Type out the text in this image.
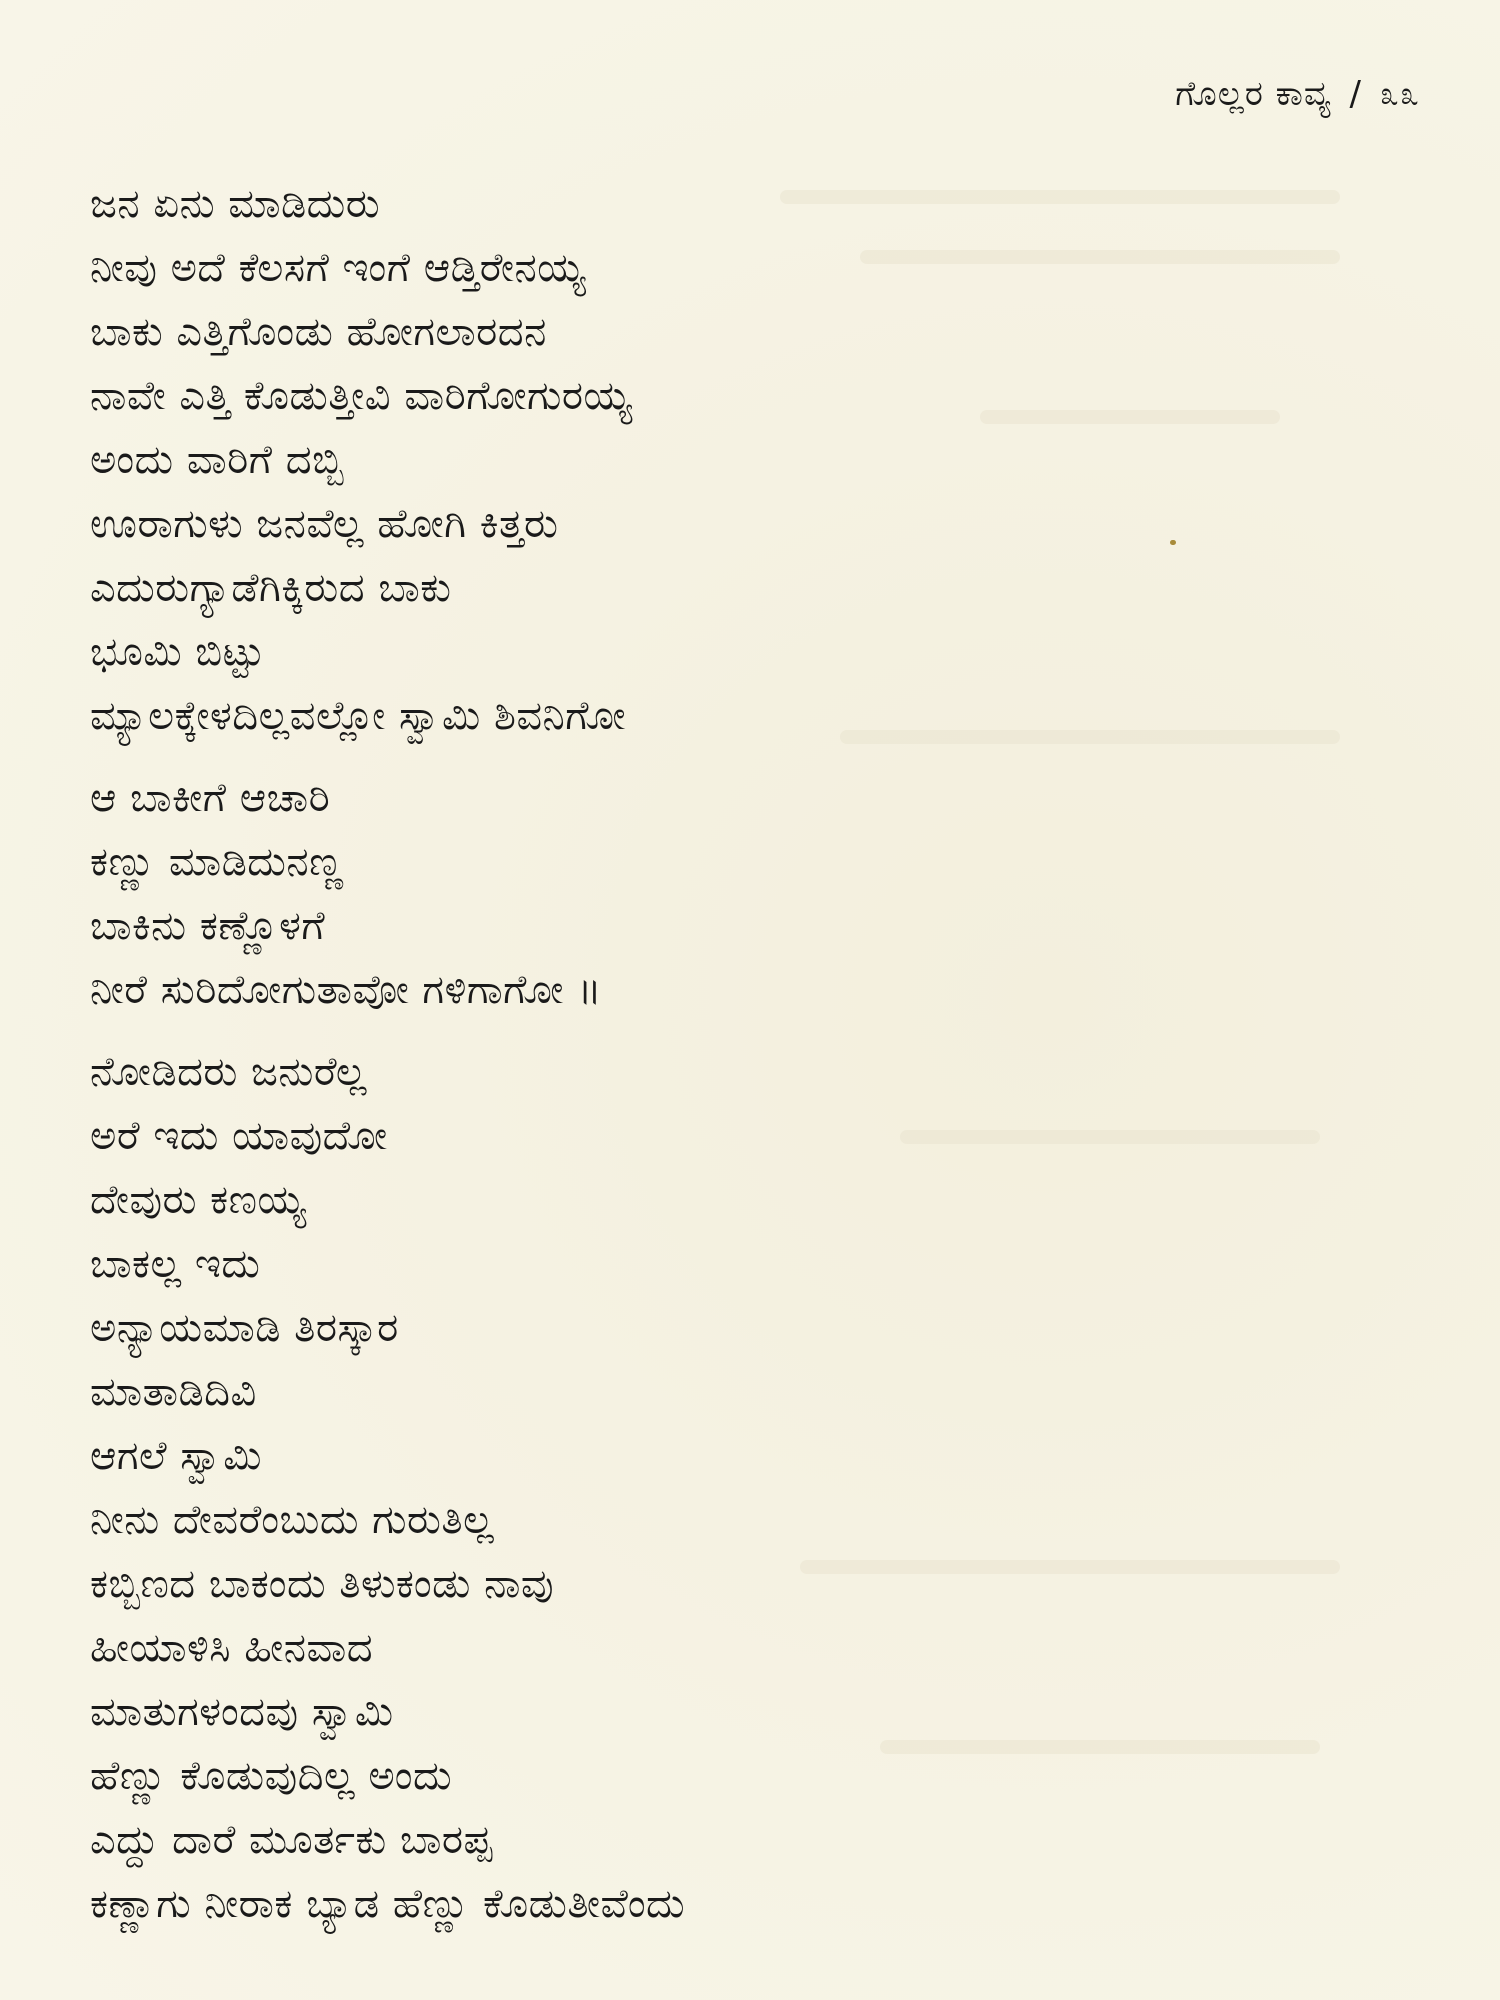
ಗೊಲ್ಲರ ಕಾವ್ಯ / ೩೩
ಜನ ಏನು ಮಾಡಿದುರು
ನೀವು ಅದೆ ಕೆಲಸಗೆ ಇಂಗೆ ಆಡ್ತಿರೇನಯ್ಯ
ಬಾಕು ಎತ್ತಿಗೊಂಡು ಹೋಗಲಾರದನ
ನಾವೇ ಎತ್ತಿ ಕೊಡುತ್ತೀವಿ ವಾರಿಗೋಗುರಯ್ಯ
ಅಂದು ವಾರಿಗೆ ದಬ್ಬಿ
ಊರಾಗುಳು ಜನವೆಲ್ಲ ಹೋಗಿ ಕಿತ್ತರು
ಎದುರುಗ್ಯಾಡೆಗಿಕ್ಕಿರುದ ಬಾಕು
ಭೂಮಿ ಬಿಟ್ಟು
ಮ್ಯಾಲಕ್ಕೇಳದಿಲ್ಲವಲ್ಲೋ ಸ್ವಾಮಿ ಶಿವನಿಗೋ
ಆ ಬಾಕೀಗೆ ಆಚಾರಿ
ಕಣ್ಣು ಮಾಡಿದುನಣ್ಣ
ಬಾಕಿನು ಕಣ್ಣೊಳಗೆ
ನೀರೆ ಸುರಿದೋಗುತಾವೋ ಗಳಿಗಾಗೋ ॥
ನೋಡಿದರು ಜನುರೆಲ್ಲ
ಅರೆ ಇದು ಯಾವುದೋ
ದೇವುರು ಕಣಯ್ಯ
ಬಾಕಲ್ಲ ಇದು
ಅನ್ಯಾಯಮಾಡಿ ತಿರಸ್ಕಾರ
ಮಾತಾಡಿದಿವಿ
ಆಗಲೆ ಸ್ವಾಮಿ
ನೀನು ದೇವರೆಂಬುದು ಗುರುತಿಲ್ಲ
ಕಬ್ಬಿಣದ ಬಾಕಂದು ತಿಳುಕಂಡು ನಾವು
ಹೀಯಾಳಿಸಿ ಹೀನವಾದ
ಮಾತುಗಳಂದವು ಸ್ವಾಮಿ
ಹೆಣ್ಣು ಕೊಡುವುದಿಲ್ಲ ಅಂದು
ಎದ್ದು ದಾರೆ ಮೂರ್ತಕು ಬಾರಪ್ಪ
ಕಣ್ಣಾಗು ನೀರಾಕ ಬ್ಯಾಡ ಹೆಣ್ಣು ಕೊಡುತೀವೆಂದು
